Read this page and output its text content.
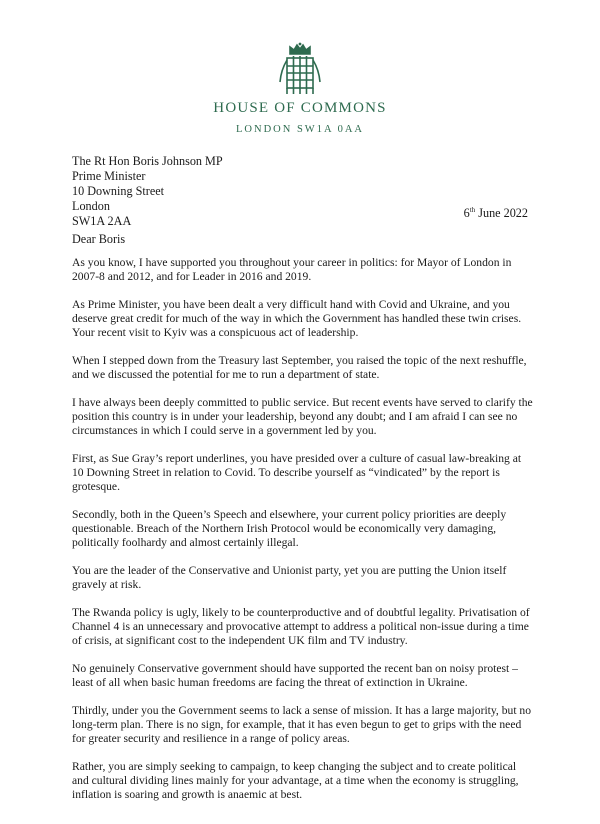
HOUSE OF COMMONS
LONDON SW1A 0AA
The Rt Hon Boris Johnson MP
Prime Minister
10 Downing Street
London
SW1A 2AA
6th June 2022
Dear Boris

As you know, I have supported you throughout your career in politics: for Mayor of London in 2007-8 and 2012, and for Leader in 2016 and 2019.

As Prime Minister, you have been dealt a very difficult hand with Covid and Ukraine, and you deserve great credit for much of the way in which the Government has handled these twin crises. Your recent visit to Kyiv was a conspicuous act of leadership.

When I stepped down from the Treasury last September, you raised the topic of the next reshuffle, and we discussed the potential for me to run a department of state.

I have always been deeply committed to public service. But recent events have served to clarify the position this country is in under your leadership, beyond any doubt; and I am afraid I can see no circumstances in which I could serve in a government led by you.

First, as Sue Gray’s report underlines, you have presided over a culture of casual law-breaking at 10 Downing Street in relation to Covid. To describe yourself as “vindicated” by the report is grotesque.

Secondly, both in the Queen’s Speech and elsewhere, your current policy priorities are deeply questionable. Breach of the Northern Irish Protocol would be economically very damaging, politically foolhardy and almost certainly illegal.

You are the leader of the Conservative and Unionist party, yet you are putting the Union itself gravely at risk.

The Rwanda policy is ugly, likely to be counterproductive and of doubtful legality. Privatisation of Channel 4 is an unnecessary and provocative attempt to address a political non-issue during a time of crisis, at significant cost to the independent UK film and TV industry.

No genuinely Conservative government should have supported the recent ban on noisy protest – least of all when basic human freedoms are facing the threat of extinction in Ukraine.

Thirdly, under you the Government seems to lack a sense of mission. It has a large majority, but no long-term plan. There is no sign, for example, that it has even begun to get to grips with the need for greater security and resilience in a range of policy areas.

Rather, you are simply seeking to campaign, to keep changing the subject and to create political and cultural dividing lines mainly for your advantage, at a time when the economy is struggling, inflation is soaring and growth is anaemic at best.
